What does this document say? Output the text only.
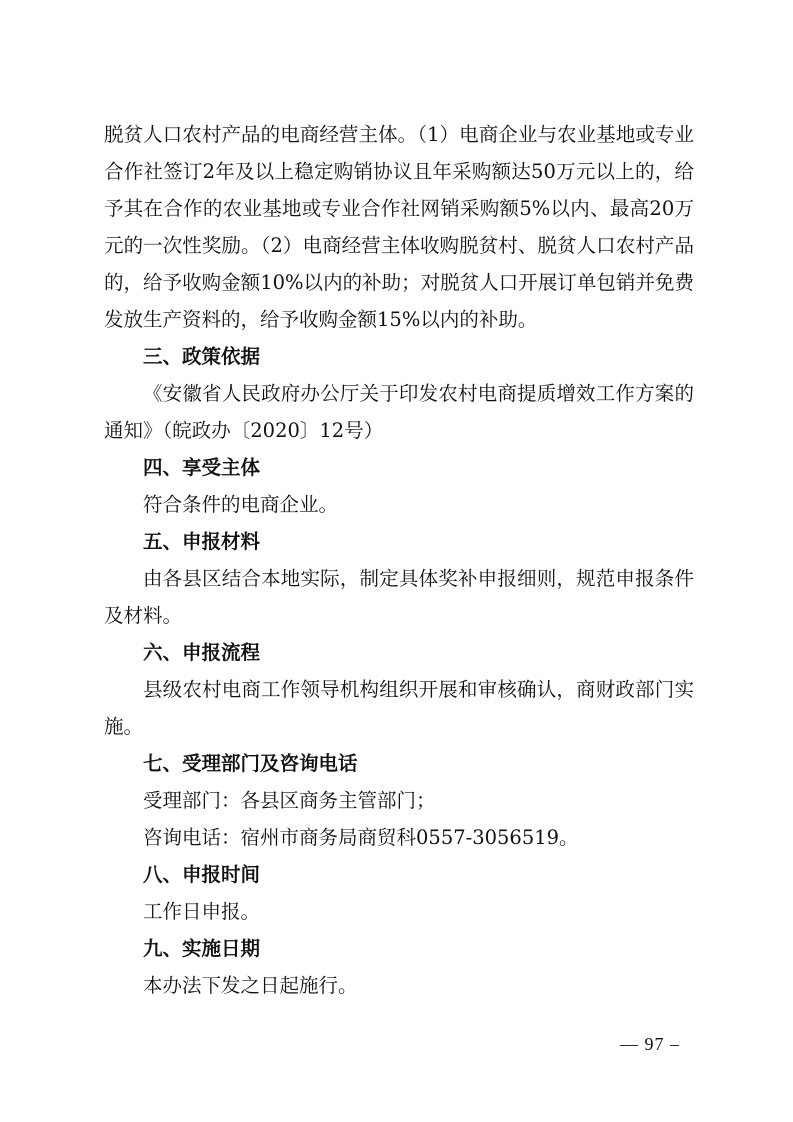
脱贫人口农村产品的电商经营主体。（1）电商企业与农业基地或专业合作社签订2年及以上稳定购销协议且年采购额达50万元以上的，给予其在合作的农业基地或专业合作社网销采购额5%以内、最高20万元的一次性奖励。（2）电商经营主体收购脱贫村、脱贫人口农村产品的，给予收购金额10%以内的补助；对脱贫人口开展订单包销并免费发放生产资料的，给予收购金额15%以内的补助。

三、政策依据

《安徽省人民政府办公厅关于印发农村电商提质增效工作方案的通知》（皖政办〔2020〕12号）

四、享受主体

符合条件的电商企业。

五、申报材料

由各县区结合本地实际，制定具体奖补申报细则，规范申报条件及材料。

六、申报流程

县级农村电商工作领导机构组织开展和审核确认，商财政部门实施。

七、受理部门及咨询电话

受理部门：各县区商务主管部门；

咨询电话：宿州市商务局商贸科0557-3056519。

八、申报时间

工作日申报。

九、实施日期

本办法下发之日起施行。

— 97 –
